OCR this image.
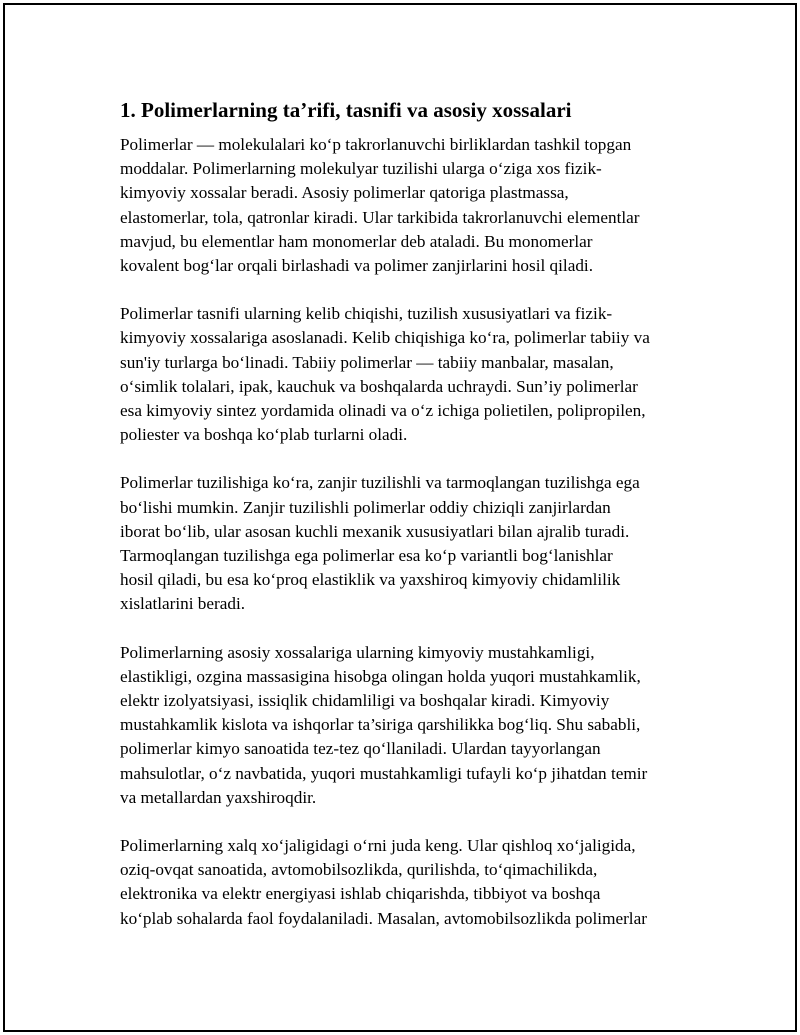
1. Polimerlarning ta’rifi, tasnifi va asosiy xossalari

Polimerlar — molekulalari ko‘p takrorlanuvchi birliklardan tashkil topgan
moddalar. Polimerlarning molekulyar tuzilishi ularga o‘ziga xos fizik-
kimyoviy xossalar beradi. Asosiy polimerlar qatoriga plastmassa,
elastomerlar, tola, qatronlar kiradi. Ular tarkibida takrorlanuvchi elementlar
mavjud, bu elementlar ham monomerlar deb ataladi. Bu monomerlar
kovalent bog‘lar orqali birlashadi va polimer zanjirlarini hosil qiladi.

Polimerlar tasnifi ularning kelib chiqishi, tuzilish xususiyatlari va fizik-
kimyoviy xossalariga asoslanadi. Kelib chiqishiga ko‘ra, polimerlar tabiiy va
sun'iy turlarga bo‘linadi. Tabiiy polimerlar — tabiiy manbalar, masalan,
o‘simlik tolalari, ipak, kauchuk va boshqalarda uchraydi. Sun’iy polimerlar
esa kimyoviy sintez yordamida olinadi va o‘z ichiga polietilen, polipropilen,
poliester va boshqa ko‘plab turlarni oladi.

Polimerlar tuzilishiga ko‘ra, zanjir tuzilishli va tarmoqlangan tuzilishga ega
bo‘lishi mumkin. Zanjir tuzilishli polimerlar oddiy chiziqli zanjirlardan
iborat bo‘lib, ular asosan kuchli mexanik xususiyatlari bilan ajralib turadi.
Tarmoqlangan tuzilishga ega polimerlar esa ko‘p variantli bog‘lanishlar
hosil qiladi, bu esa ko‘proq elastiklik va yaxshiroq kimyoviy chidamlilik
xislatlarini beradi.

Polimerlarning asosiy xossalariga ularning kimyoviy mustahkamligi,
elastikligi, ozgina massasigina hisobga olingan holda yuqori mustahkamlik,
elektr izolyatsiyasi, issiqlik chidamliligi va boshqalar kiradi. Kimyoviy
mustahkamlik kislota va ishqorlar ta’siriga qarshilikka bog‘liq. Shu sababli,
polimerlar kimyo sanoatida tez-tez qo‘llaniladi. Ulardan tayyorlangan
mahsulotlar, o‘z navbatida, yuqori mustahkamligi tufayli ko‘p jihatdan temir
va metallardan yaxshiroqdir.

Polimerlarning xalq xo‘jaligidagi o‘rni juda keng. Ular qishloq xo‘jaligida,
oziq-ovqat sanoatida, avtomobilsozlikda, qurilishda, to‘qimachilikda,
elektronika va elektr energiyasi ishlab chiqarishda, tibbiyot va boshqa
ko‘plab sohalarda faol foydalaniladi. Masalan, avtomobilsozlikda polimerlar
